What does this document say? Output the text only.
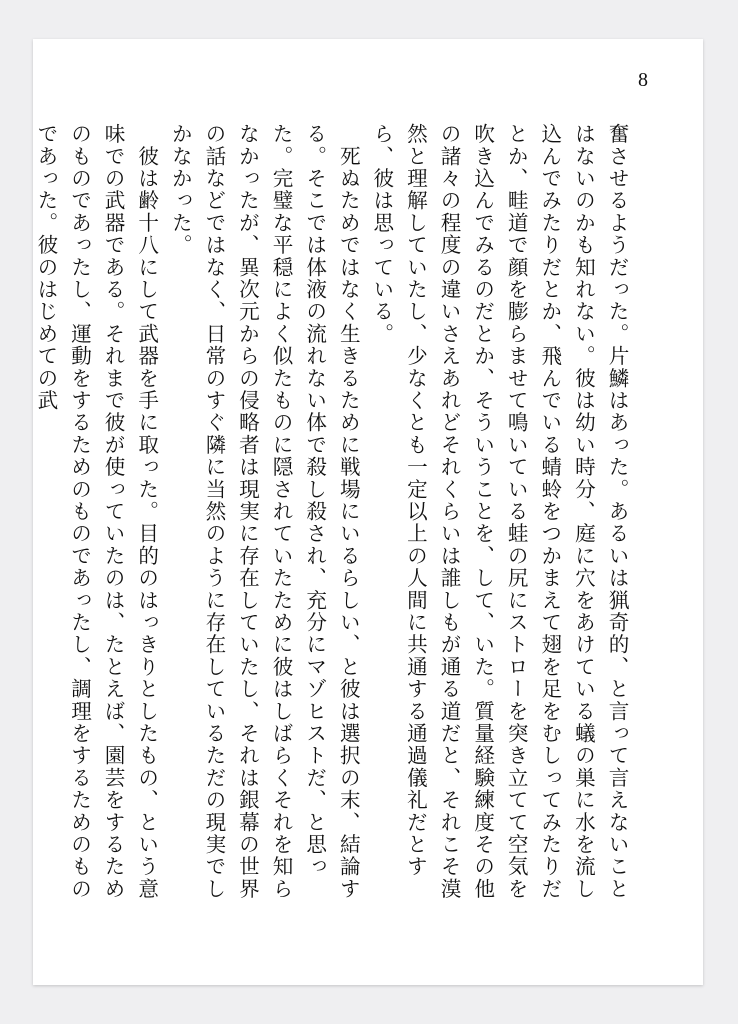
8

奮させるようだった。片鱗はあった。あるいは猟奇的、と言って言えないことはないのかも知れない。彼は幼い時分、庭に穴をあけている蟻の巣に水を流し込んでみたりだとか、飛んでいる蜻蛉をつかまえて翅を足をむしってみたりだとか、畦道で顔を膨らませて鳴いている蛙の尻にストローを突き立てて空気を吹き込んでみるのだとか、そういうことを、して、いた。質量経験練度その他の諸々の程度の違いさえあれどそれくらいは誰しもが通る道だと、それこそ漠然と理解していたし、少なくとも一定以上の人間に共通する通過儀礼だとすら、彼は思っている。

　死ぬためではなく生きるために戦場にいるらしい、と彼は選択の末、結論する。そこでは体液の流れない体で殺し殺され、充分にマゾヒストだ、と思った。完璧な平穏によく似たものに隠されていたために彼はしばらくそれを知らなかったが、異次元からの侵略者は現実に存在していたし、それは銀幕の世界の話などではなく、日常のすぐ隣に当然のように存在しているただの現実でしかなかった。

　彼は齢十八にして武器を手に取った。目的のはっきりとしたもの、という意味での武器である。それまで彼が使っていたのは、たとえば、園芸をするためのものであったし、運動をするためのものであったし、調理をするためのものであった。彼のはじめての武
